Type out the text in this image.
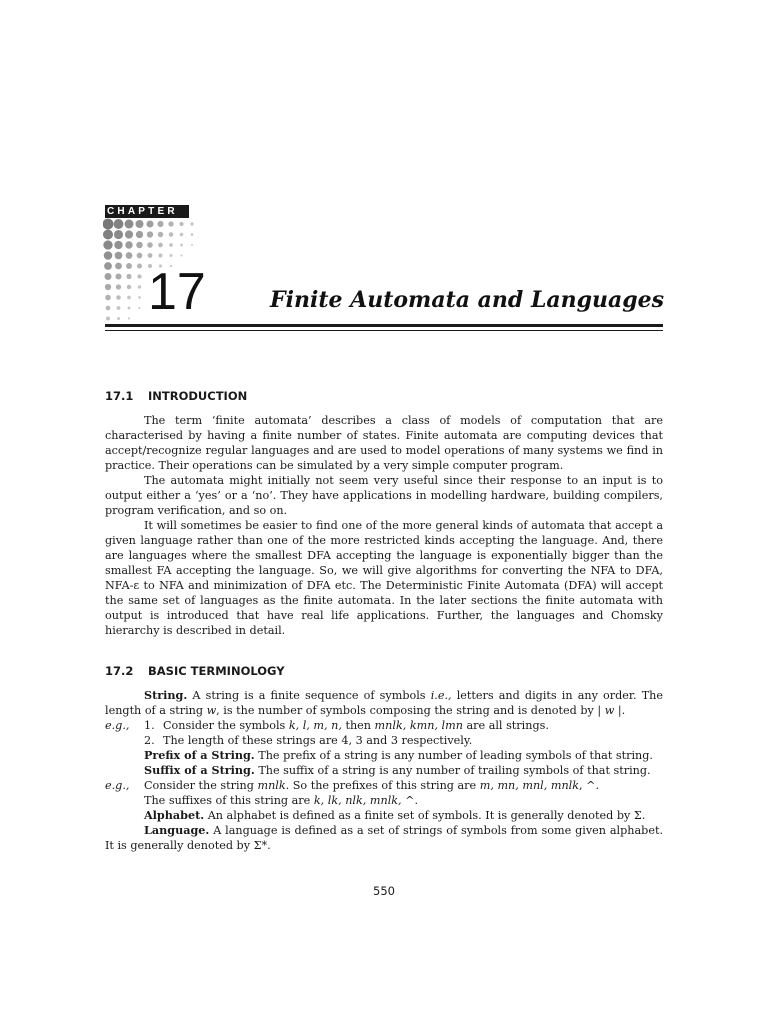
CHAPTER
17	Finite Automata and Languages
17.1 INTRODUCTION

The term ‘finite automata’ describes a class of models of computation that are characterised by having a finite number of states. Finite automata are computing devices that accept/recognize regular languages and are used to model operations of many systems we find in practice. Their operations can be simulated by a very simple computer program.

The automata might initially not seem very useful since their response to an input is to output either a ‘yes’ or a ‘no’. They have applications in modelling hardware, building compilers, program verification, and so on.

It will sometimes be easier to find one of the more general kinds of automata that accept a given language rather than one of the more restricted kinds accepting the language. And, there are languages where the smallest DFA accepting the language is exponentially bigger than the smallest FA accepting the language. So, we will give algorithms for converting the NFA to DFA, NFA-ε to NFA and minimization of DFA etc. The Deterministic Finite Automata (DFA) will accept the same set of languages as the finite automata. In the later sections the finite automata with output is introduced that have real life applications. Further, the languages and Chomsky hierarchy is described in detail.

17.2 BASIC TERMINOLOGY

String. A string is a finite sequence of symbols i.e., letters and digits in any order. The length of a string w, is the number of symbols composing the string and is denoted by | w |.

e.g.,	1. Consider the symbols k, l, m, n, then mnlk, kmn, lmn are all strings.
2. The length of these strings are 4, 3 and 3 respectively.

Prefix of a String. The prefix of a string is any number of leading symbols of that string.

Suffix of a String. The suffix of a string is any number of trailing symbols of that string.

e.g.,	Consider the string mnlk. So the prefixes of this string are m, mn, mnl, mnlk, ^.

The suffixes of this string are k, lk, nlk, mnlk, ^.

Alphabet. An alphabet is defined as a finite set of symbols. It is generally denoted by Σ.

Language. A language is defined as a set of strings of symbols from some given alphabet. It is generally denoted by Σ*.

550
